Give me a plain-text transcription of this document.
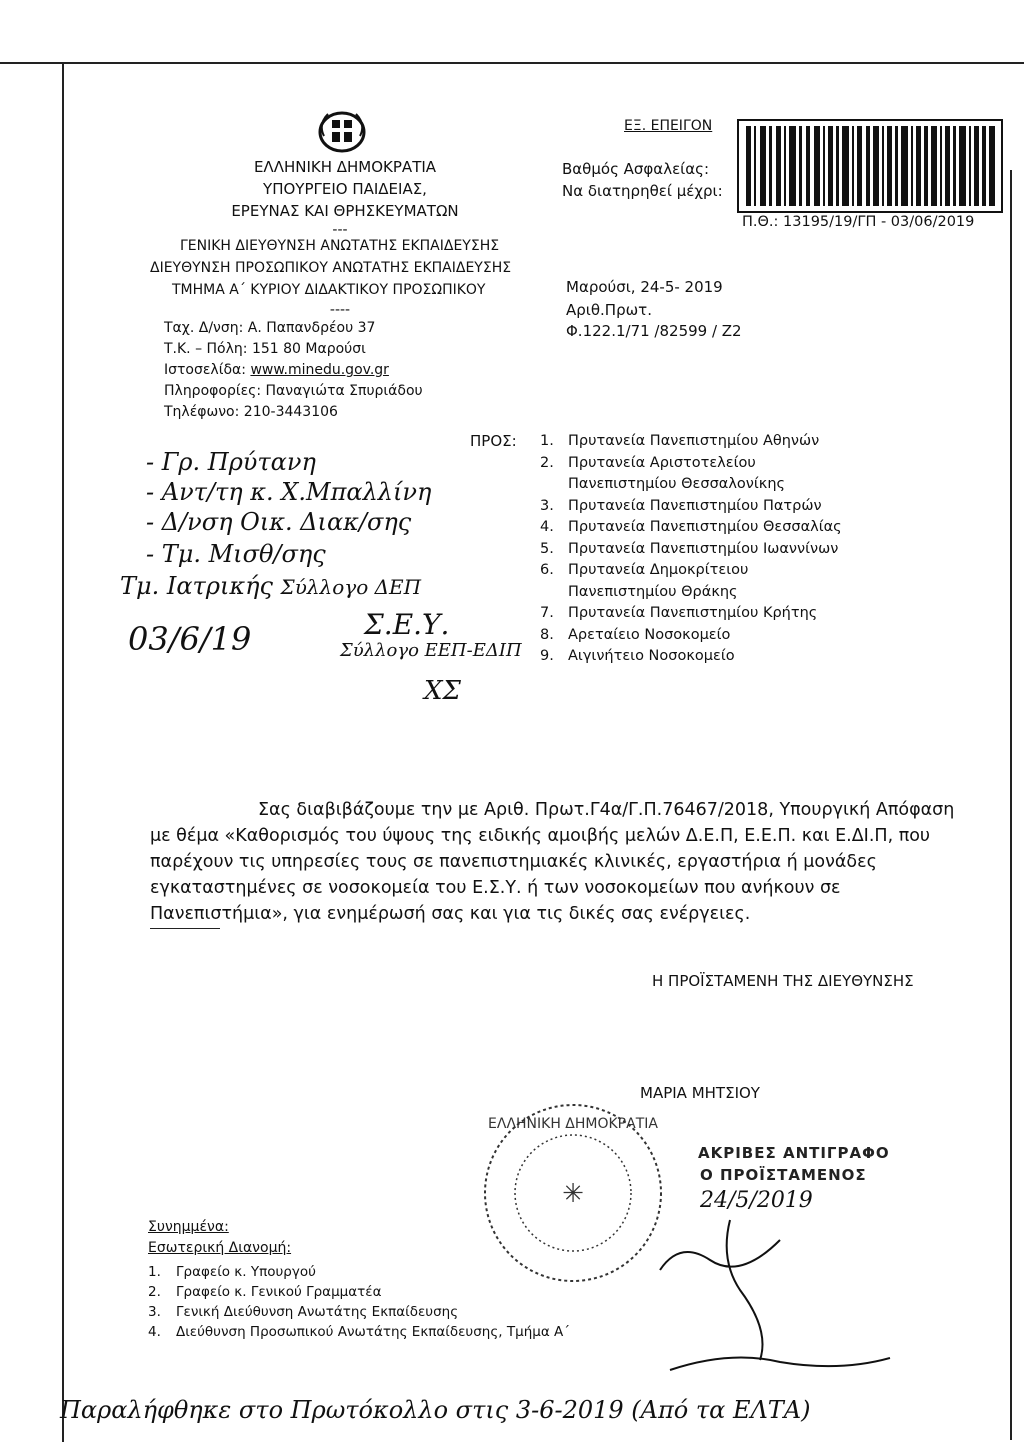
ΕΛΛΗΝΙΚΗ ΔΗΜΟΚΡΑΤΙΑ
ΥΠΟΥΡΓΕΙΟ ΠΑΙΔΕΙΑΣ,
ΕΡΕΥΝΑΣ ΚΑΙ ΘΡΗΣΚΕΥΜΑΤΩΝ
---
ΓΕΝΙΚΗ ΔΙΕΥΘΥΝΣΗ ΑΝΩΤΑΤΗΣ ΕΚΠΑΙΔΕΥΣΗΣ
ΔΙΕΥΘΥΝΣΗ ΠΡΟΣΩΠΙΚΟΥ ΑΝΩΤΑΤΗΣ ΕΚΠΑΙΔΕΥΣΗΣ
ΤΜΗΜΑ Α΄ ΚΥΡΙΟΥ ΔΙΔΑΚΤΙΚΟΥ ΠΡΟΣΩΠΙΚΟΥ
----
Ταχ. Δ/νση: Α. Παπανδρέου 37
Τ.Κ. – Πόλη: 151 80 Μαρούσι
Ιστοσελίδα: www.minedu.gov.gr
Πληροφορίες: Παναγιώτα Σπυριάδου
Τηλέφωνο: 210-3443106
ΕΞ. ΕΠΕΙΓΟΝ
Βαθμός Ασφαλείας:
Να διατηρηθεί μέχρι:
Π.Θ.: 13195/19/ΓΠ - 03/06/2019
Μαρούσι, 24-5- 2019
Αριθ.Πρωτ.
Φ.122.1/71 /82599 / Ζ2
ΠΡΟΣ: 1. Πρυτανεία Πανεπιστημίου Αθηνών
2. Πρυτανεία Αριστοτελείου
Πανεπιστημίου Θεσσαλονίκης
3. Πρυτανεία Πανεπιστημίου Πατρών
4. Πρυτανεία Πανεπιστημίου Θεσσαλίας
5. Πρυτανεία Πανεπιστημίου Ιωαννίνων
6. Πρυτανεία Δημοκρίτειου
Πανεπιστημίου Θράκης
7. Πρυτανεία Πανεπιστημίου Κρήτης
8. Αρεταίειο Νοσοκομείο
9. Αιγινήτειο Νοσοκομείο
- Γρ. Πρύτανη
- Αντ/τη κ. Χ.Μπαλλίνη
- Δ/νση Οικ. Διακ/σης
- Τμ. Μισθ/σης
Τμ. Ιατρικής Σύλλογο ΔΕΠ
03/6/19	Σ.Ε.Υ.
Σύλλογο ΕΕΠ-ΕΔΙΠ
ΧΣ
Σας διαβιβάζουμε την με Αριθ. Πρωτ.Γ4α/Γ.Π.76467/2018, Υπουργική Απόφαση
με θέμα «Καθορισμός του ύψους της ειδικής αμοιβής μελών Δ.Ε.Π, Ε.Ε.Π. και Ε.ΔΙ.Π, που
παρέχουν τις υπηρεσίες τους σε πανεπιστημιακές κλινικές, εργαστήρια ή μονάδες
εγκαταστημένες σε νοσοκομεία του Ε.Σ.Υ. ή των νοσοκομείων που ανήκουν σε
Πανεπιστήμια», για ενημέρωσή σας και για τις δικές σας ενέργειες.
Η ΠΡΟΪΣΤΑΜΕΝΗ ΤΗΣ ΔΙΕΥΘΥΝΣΗΣ
ΜΑΡΙΑ ΜΗΤΣΙΟΥ
ΕΛΛΗΝΙΚΗ ΔΗΜΟΚΡΑΤΙΑ
✳
ΑΚΡΙΒΕΣ ΑΝΤΙΓΡΑΦΟ
Ο ΠΡΟΪΣΤΑΜΕΝΟΣ
24/5/2019
Συνημμένα:
Εσωτερική Διανομή:
1. Γραφείο κ. Υπουργού
2. Γραφείο κ. Γενικού Γραμματέα
3. Γενική Διεύθυνση Ανωτάτης Εκπαίδευσης
4. Διεύθυνση Προσωπικού Ανωτάτης Εκπαίδευσης, Τμήμα Α΄
Παραλήφθηκε στο Πρωτόκολλο στις 3-6-2019 (Από τα ΕΛΤΑ)
